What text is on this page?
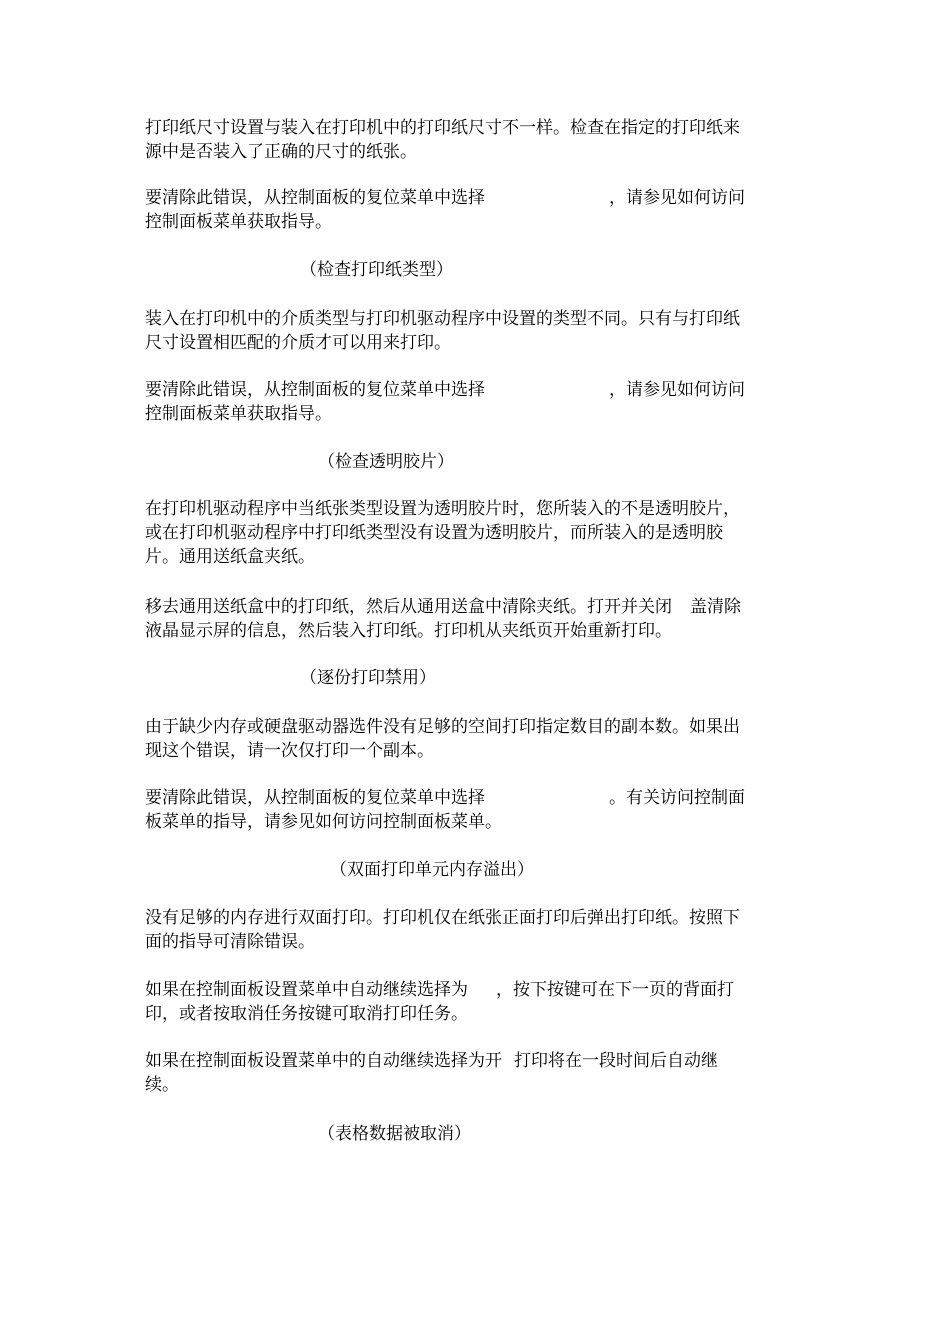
打印纸尺寸设置与装入在打印机中的打印纸尺寸不一样。检查在指定的打印纸来
源中是否装入了正确的尺寸的纸张。

要清除此错误，从控制面板的复位菜单中选择	，请参见如何访问
控制面板菜单获取指导。

（检查打印纸类型）

装入在打印机中的介质类型与打印机驱动程序中设置的类型不同。只有与打印纸
尺寸设置相匹配的介质才可以用来打印。

要清除此错误，从控制面板的复位菜单中选择	，请参见如何访问
控制面板菜单获取指导。

（检查透明胶片）

在打印机驱动程序中当纸张类型设置为透明胶片时，您所装入的不是透明胶片，
或在打印机驱动程序中打印纸类型没有设置为透明胶片，而所装入的是透明胶
片。通用送纸盒夹纸。

移去通用送纸盒中的打印纸，然后从通用送盒中清除夹纸。打开并关闭 盖清除
液晶显示屏的信息，然后装入打印纸。打印机从夹纸页开始重新打印。

（逐份打印禁用）

由于缺少内存或硬盘驱动器选件没有足够的空间打印指定数目的副本数。如果出
现这个错误，请一次仅打印一个副本。

要清除此错误，从控制面板的复位菜单中选择	。有关访问控制面
板菜单的指导，请参见如何访问控制面板菜单。

（双面打印单元内存溢出）

没有足够的内存进行双面打印。打印机仅在纸张正面打印后弹出打印纸。按照下
面的指导可清除错误。

如果在控制面板设置菜单中自动继续选择为 ，按下按键可在下一页的背面打
印，或者按取消任务按键可取消打印任务。

如果在控制面板设置菜单中的自动继续选择为开 打印将在一段时间后自动继
续。

（表格数据被取消）
